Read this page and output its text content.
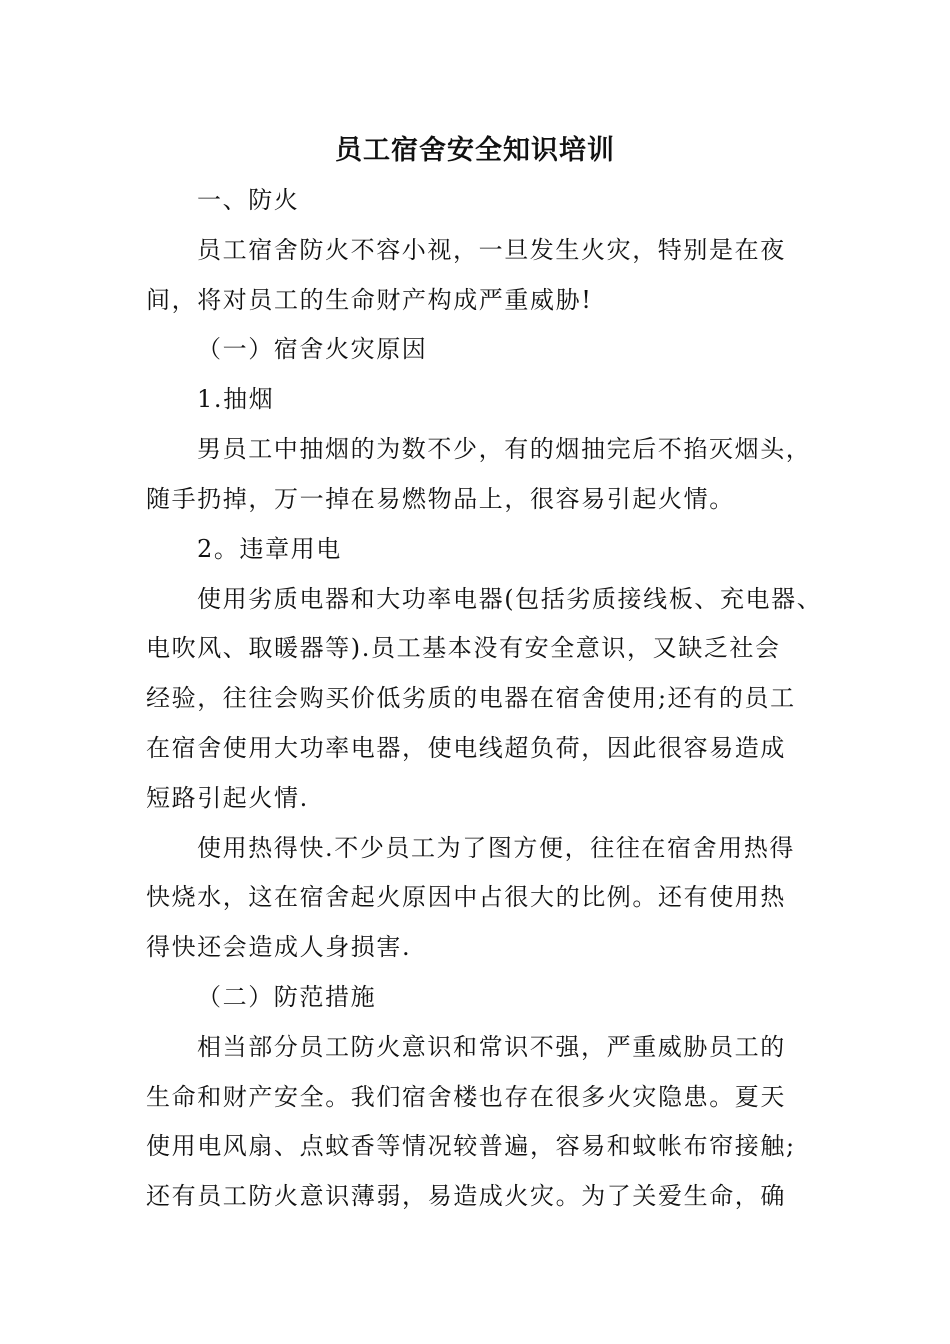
员工宿舍安全知识培训
一、防火
员工宿舍防火不容小视，一旦发生火灾，特别是在夜
间，将对员工的生命财产构成严重威胁!
（一）宿舍火灾原因
1.抽烟
男员工中抽烟的为数不少，有的烟抽完后不掐灭烟头，
随手扔掉，万一掉在易燃物品上，很容易引起火情。
2。违章用电
使用劣质电器和大功率电器(包括劣质接线板、充电器、
电吹风、取暖器等).员工基本没有安全意识，又缺乏社会
经验，往往会购买价低劣质的电器在宿舍使用;还有的员工
在宿舍使用大功率电器，使电线超负荷，因此很容易造成
短路引起火情.
使用热得快.不少员工为了图方便，往往在宿舍用热得
快烧水，这在宿舍起火原因中占很大的比例。还有使用热
得快还会造成人身损害.
（二）防范措施
相当部分员工防火意识和常识不强，严重威胁员工的
生命和财产安全。我们宿舍楼也存在很多火灾隐患。夏天
使用电风扇、点蚊香等情况较普遍，容易和蚊帐布帘接触;
还有员工防火意识薄弱，易造成火灾。为了关爱生命，确
